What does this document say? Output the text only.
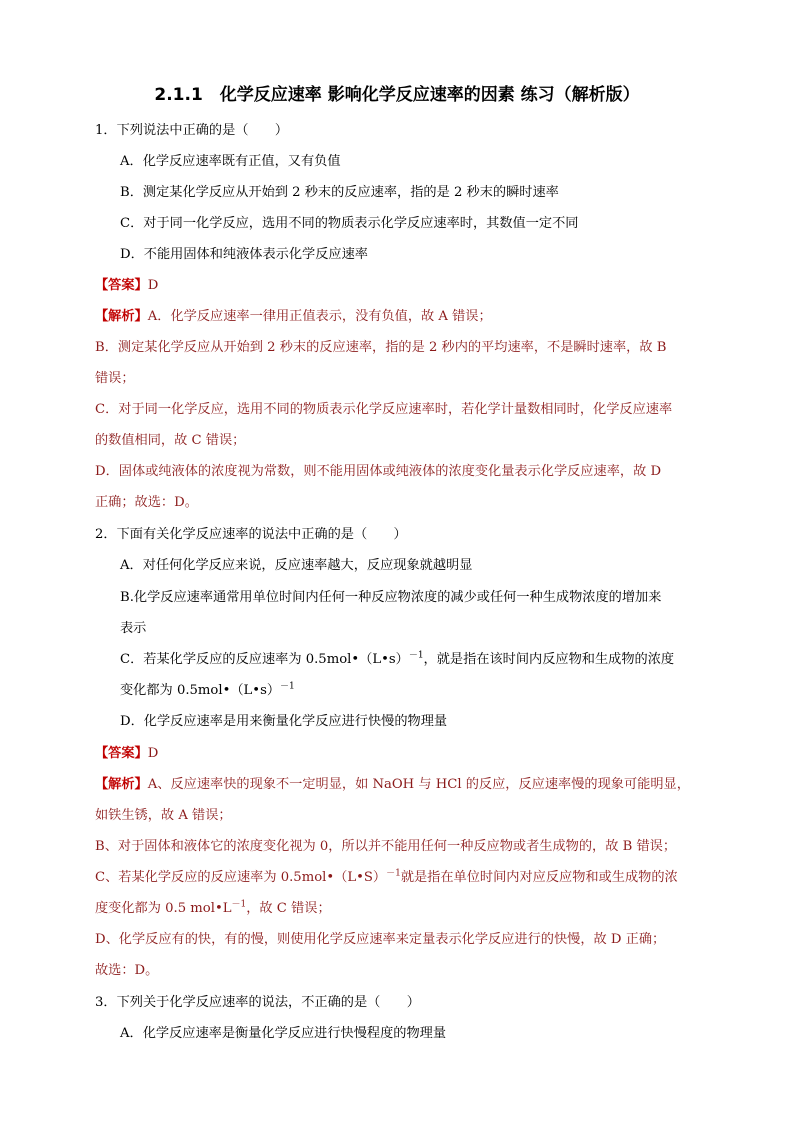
2.1.1　化学反应速率 影响化学反应速率的因素 练习（解析版）
1．下列说法中正确的是（　　）
A．化学反应速率既有正值，又有负值
B．测定某化学反应从开始到 2 秒末的反应速率，指的是 2 秒末的瞬时速率
C．对于同一化学反应，选用不同的物质表示化学反应速率时，其数值一定不同
D．不能用固体和纯液体表示化学反应速率
【答案】D
【解析】A．化学反应速率一律用正值表示，没有负值，故 A 错误；
B．测定某化学反应从开始到 2 秒末的反应速率，指的是 2 秒内的平均速率，不是瞬时速率，故 B
错误；
C．对于同一化学反应，选用不同的物质表示化学反应速率时，若化学计量数相同时，化学反应速率
的数值相同，故 C 错误；
D．固体或纯液体的浓度视为常数，则不能用固体或纯液体的浓度变化量表示化学反应速率，故 D
正确；故选：D。
2．下面有关化学反应速率的说法中正确的是（　　）
A．对任何化学反应来说，反应速率越大，反应现象就越明显
B.化学反应速率通常用单位时间内任何一种反应物浓度的减少或任何一种生成物浓度的增加来
表示
C．若某化学反应的反应速率为 0.5mol•（L•s）$^{-1}$，就是指在该时间内反应物和生成物的浓度
变化都为 0.5mol•（L•s）$^{-1}$
D．化学反应速率是用来衡量化学反应进行快慢的物理量
【答案】D
【解析】A、反应速率快的现象不一定明显，如 NaOH 与 HCl 的反应，反应速率慢的现象可能明显，
如铁生锈，故 A 错误；
B、对于固体和液体它的浓度变化视为 0，所以并不能用任何一种反应物或者生成物的，故 B 错误；
C、若某化学反应的反应速率为 0.5mol•（L•S）$^{-1}$就是指在单位时间内对应反应物和或生成物的浓
度变化都为 0.5 $mol•L^{-1}$，故 C 错误；
D、化学反应有的快，有的慢，则使用化学反应速率来定量表示化学反应进行的快慢，故 D 正确；
故选：D。
3．下列关于化学反应速率的说法，不正确的是（　　）
A．化学反应速率是衡量化学反应进行快慢程度的物理量
